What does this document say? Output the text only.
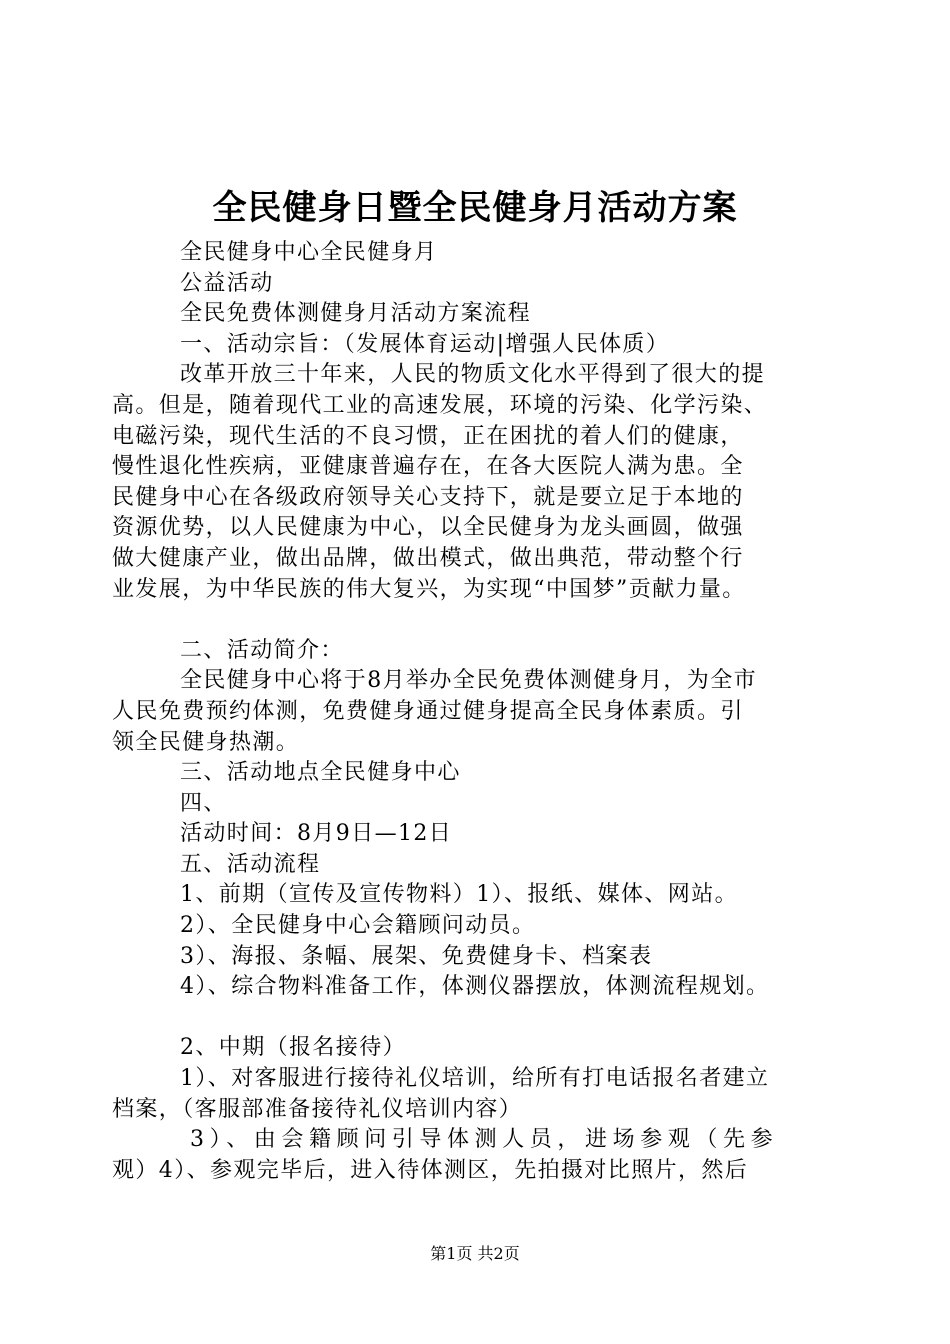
全民健身日暨全民健身月活动方案
全民健身中心全民健身月
公益活动
全民免费体测健身月活动方案流程
一、活动宗旨：（发展体育运动|增强人民体质）
改革开放三十年来，人民的物质文化水平得到了很大的提
高。但是，随着现代工业的高速发展，环境的污染、化学污染、
电磁污染，现代生活的不良习惯，正在困扰的着人们的健康，
慢性退化性疾病，亚健康普遍存在，在各大医院人满为患。全
民健身中心在各级政府领导关心支持下，就是要立足于本地的
资源优势，以人民健康为中心，以全民健身为龙头画圆，做强
做大健康产业，做出品牌，做出模式，做出典范，带动整个行
业发展，为中华民族的伟大复兴，为实现“中国梦”贡献力量。
二、活动简介：
全民健身中心将于8月举办全民免费体测健身月，为全市
人民免费预约体测，免费健身通过健身提高全民身体素质。引
领全民健身热潮。
三、活动地点全民健身中心
四、
活动时间：8月9日—12日
五、活动流程
1、前期（宣传及宣传物料）1）、报纸、媒体、网站。
2）、全民健身中心会籍顾问动员。
3）、海报、条幅、展架、免费健身卡、档案表
4）、综合物料准备工作，体测仪器摆放，体测流程规划。
2、中期（报名接待）
1）、对客服进行接待礼仪培训，给所有打电话报名者建立
档案，（客服部准备接待礼仪培训内容）
3）、由会籍顾问引导体测人员，进场参观（先参
观）4）、参观完毕后，进入待体测区，先拍摄对比照片，然后
第1页 共2页
